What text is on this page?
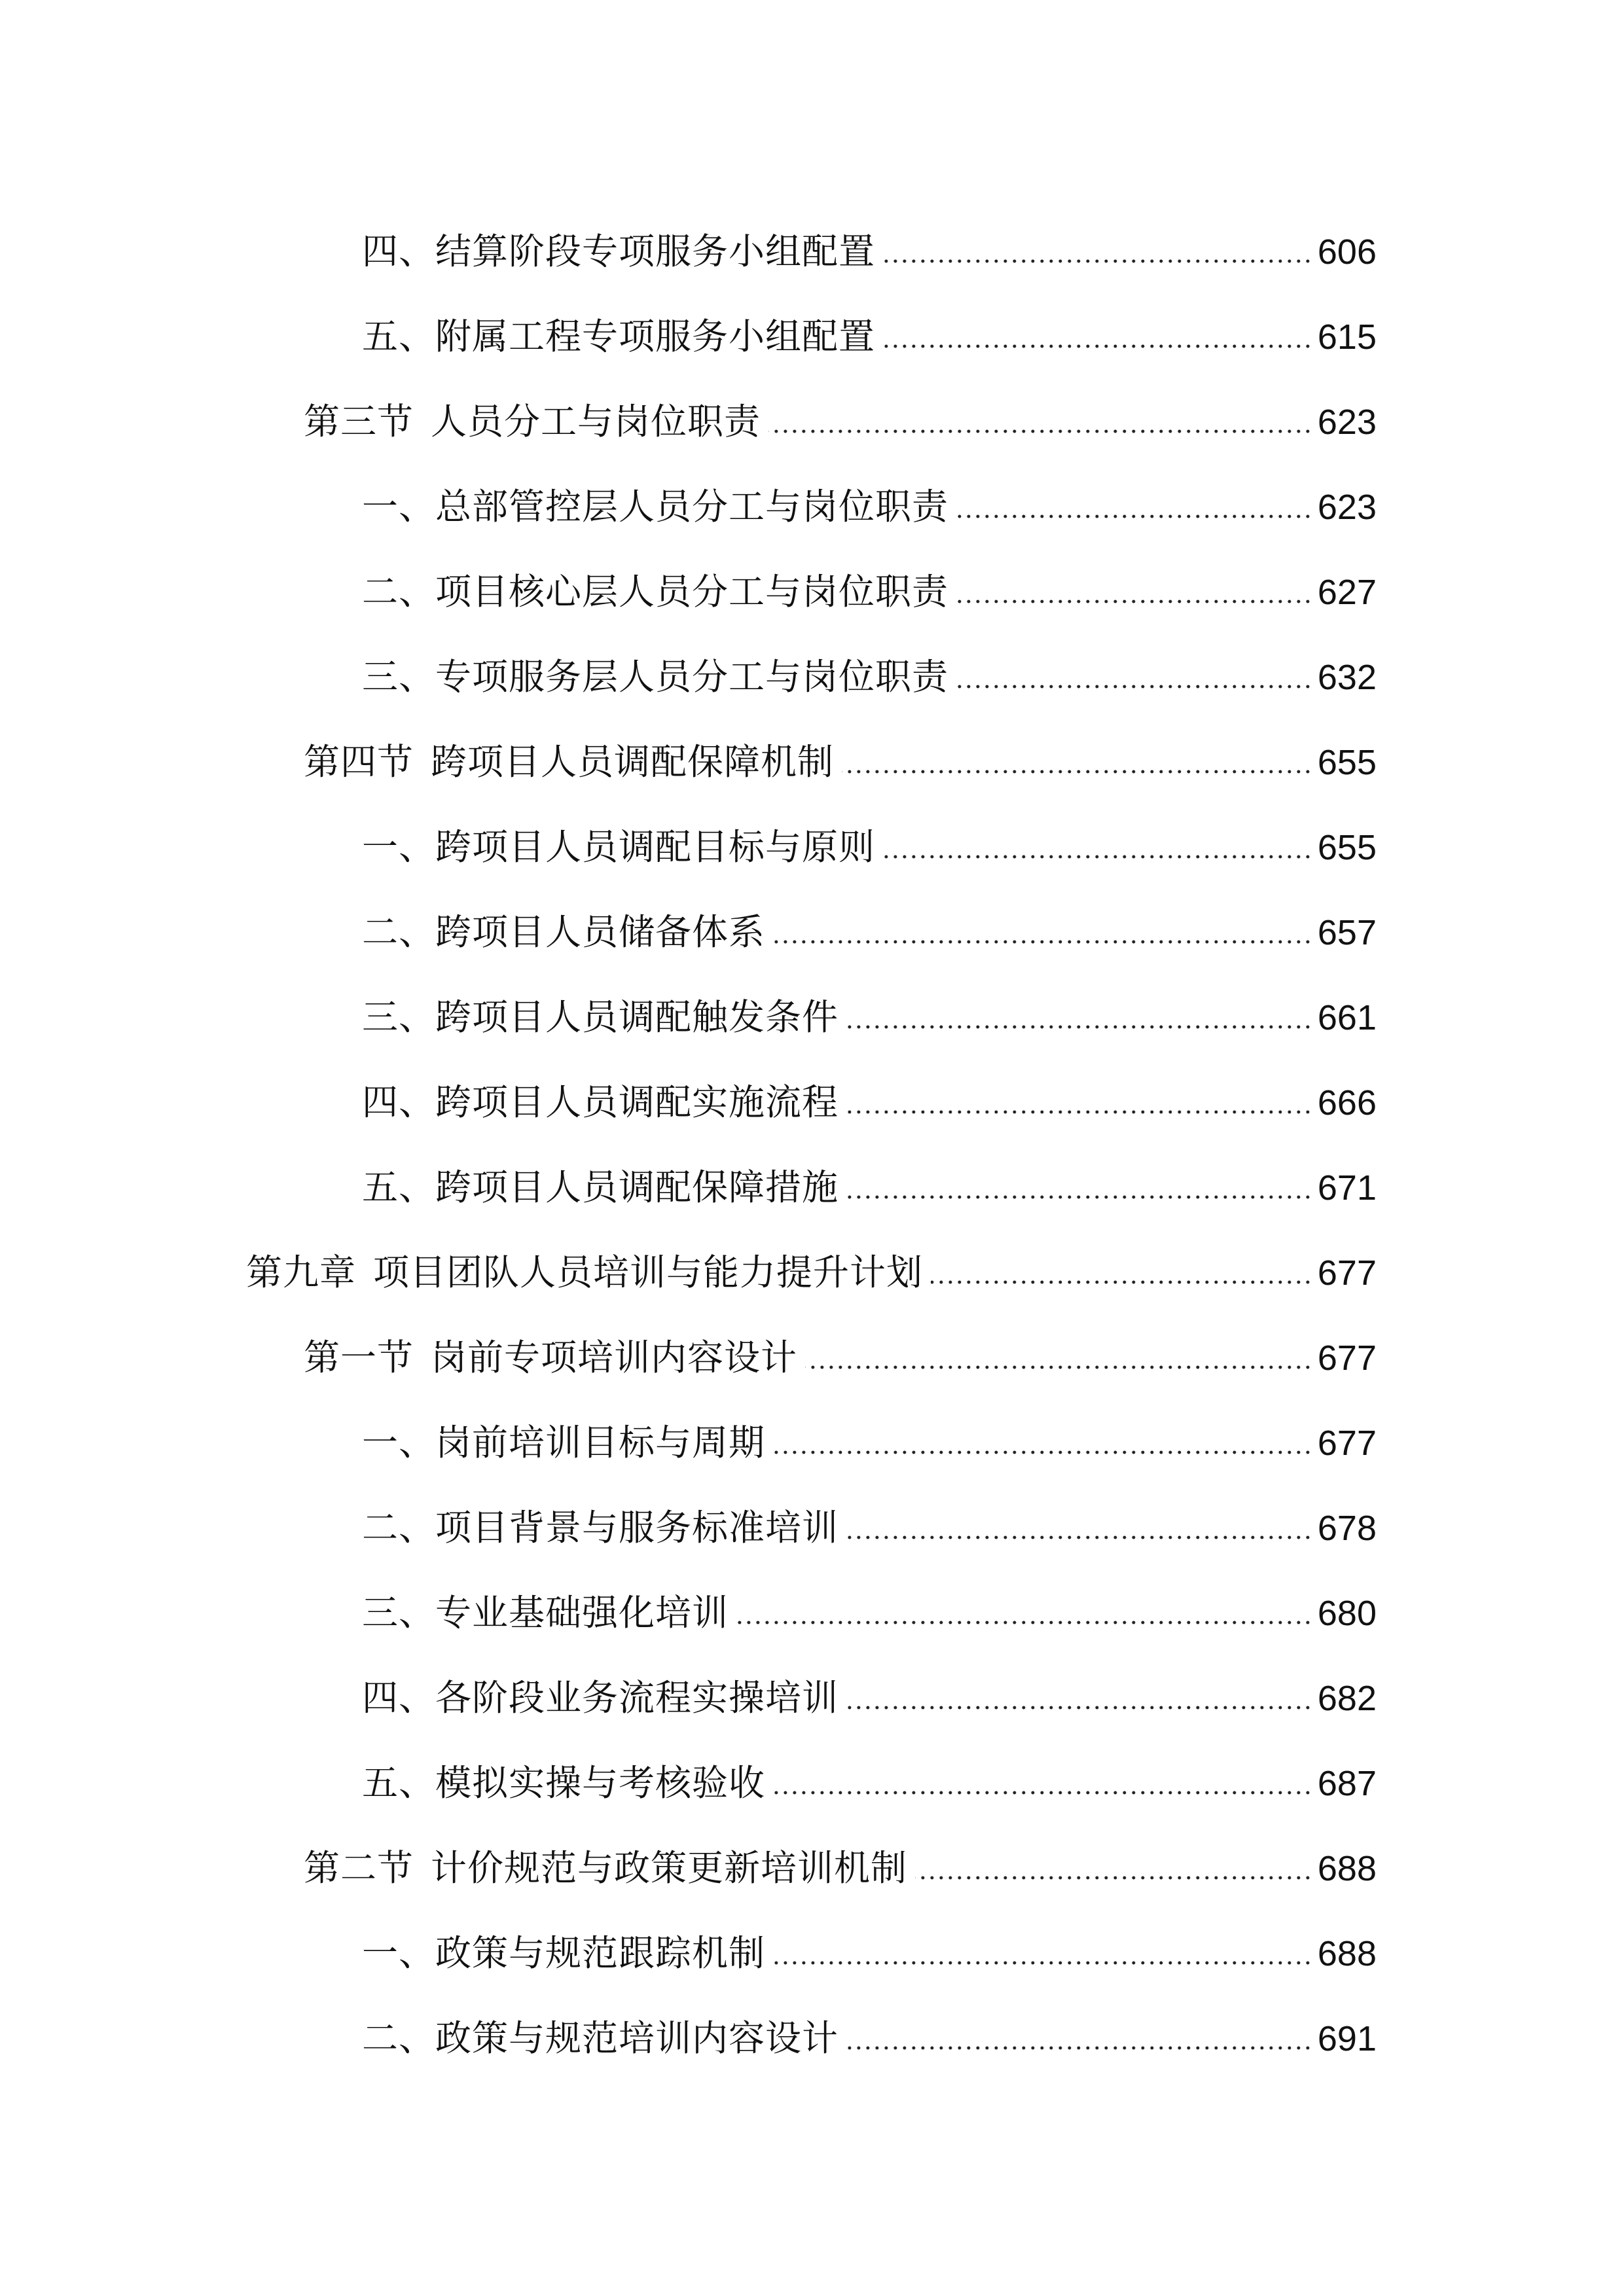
四、结算阶段专项服务小组配置	606
五、附属工程专项服务小组配置	615
第三节 人员分工与岗位职责	623
一、总部管控层人员分工与岗位职责	623
二、项目核心层人员分工与岗位职责	627
三、专项服务层人员分工与岗位职责	632
第四节 跨项目人员调配保障机制	655
一、跨项目人员调配目标与原则	655
二、跨项目人员储备体系	657
三、跨项目人员调配触发条件	661
四、跨项目人员调配实施流程	666
五、跨项目人员调配保障措施	671
第九章 项目团队人员培训与能力提升计划	677
第一节 岗前专项培训内容设计	677
一、岗前培训目标与周期	677
二、项目背景与服务标准培训	678
三、专业基础强化培训	680
四、各阶段业务流程实操培训	682
五、模拟实操与考核验收	687
第二节 计价规范与政策更新培训机制	688
一、政策与规范跟踪机制	688
二、政策与规范培训内容设计	691
